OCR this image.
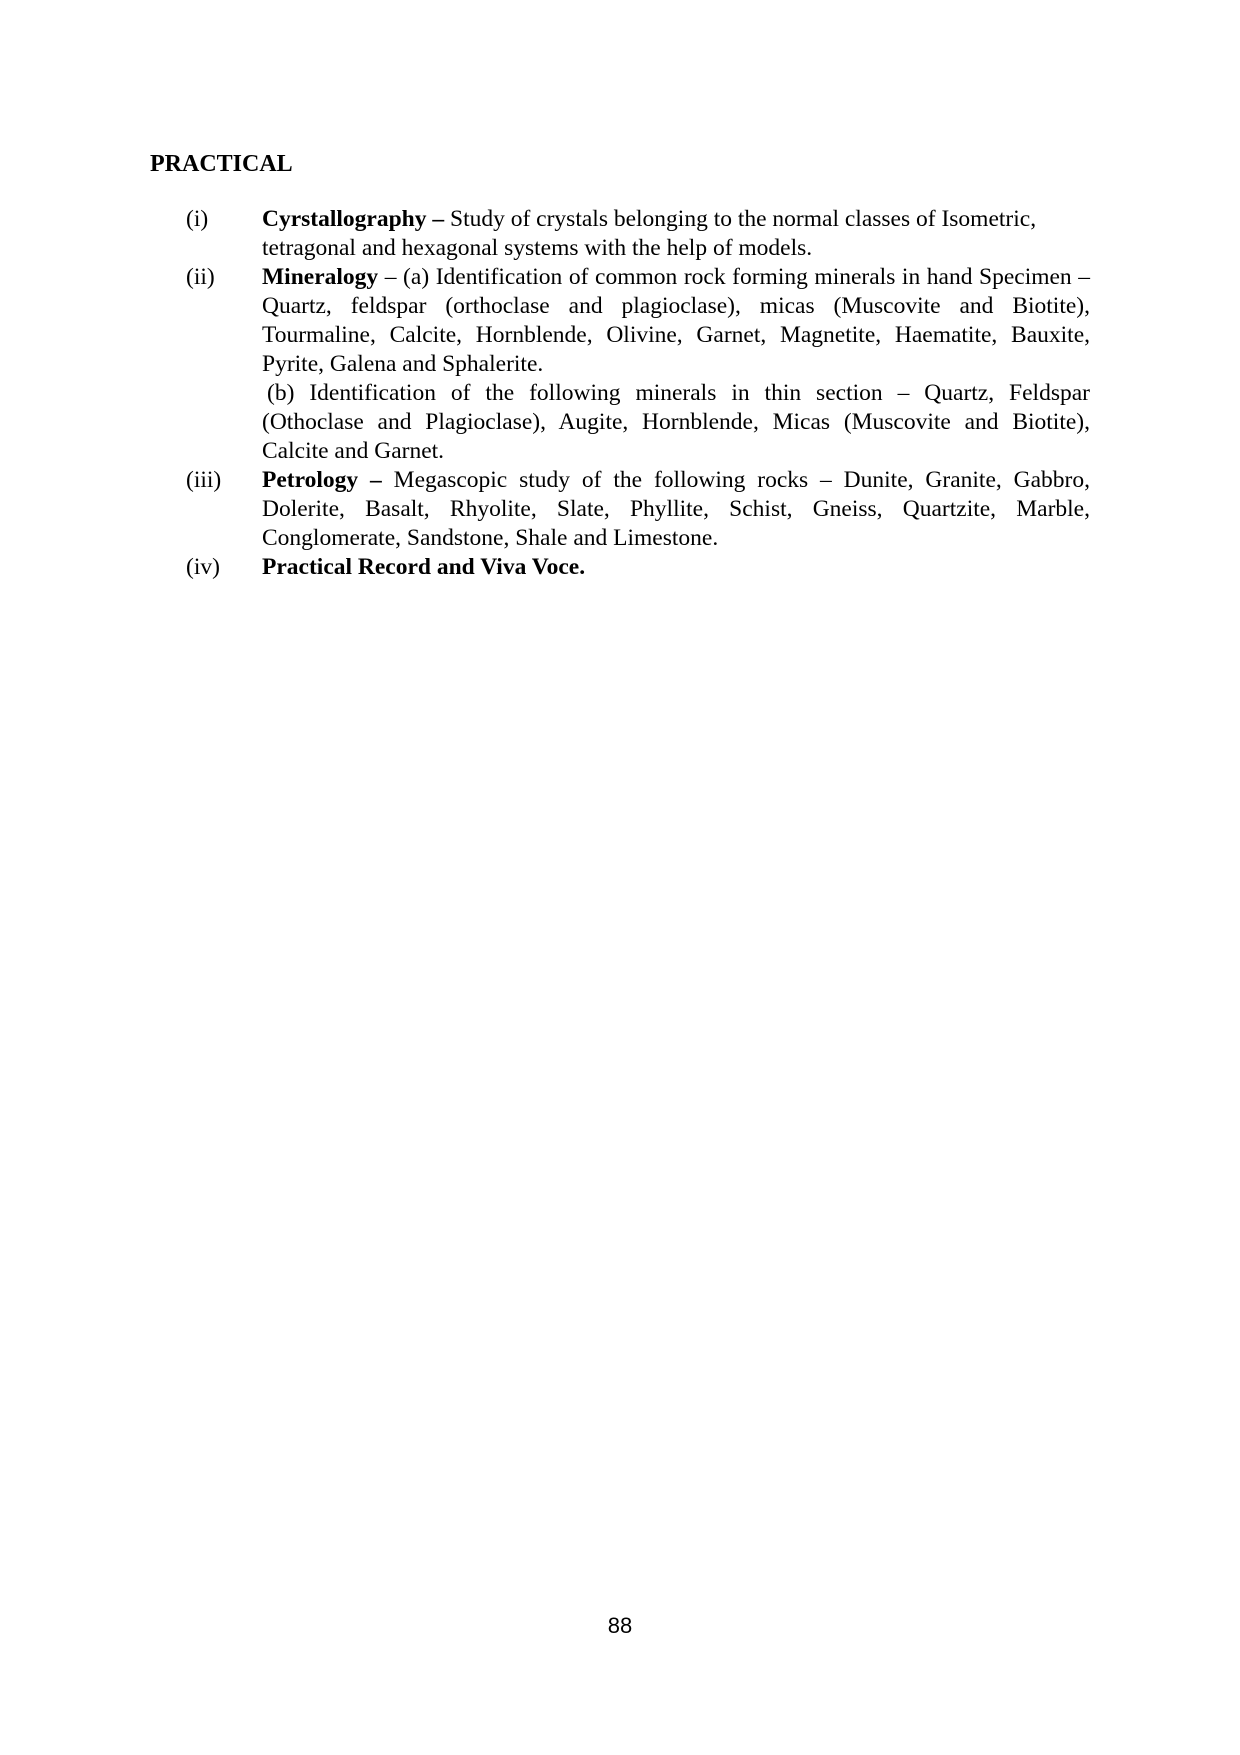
PRACTICAL
(i)	Cyrstallography – Study of crystals belonging to the normal classes of Isometric, tetragonal and hexagonal systems with the help of models.
(ii)	Mineralogy – (a) Identification of common rock forming minerals in hand Specimen – Quartz, feldspar (orthoclase and plagioclase), micas (Muscovite and Biotite), Tourmaline, Calcite, Hornblende, Olivine, Garnet, Magnetite, Haematite, Bauxite, Pyrite, Galena and Sphalerite.
(b) Identification of the following minerals in thin section – Quartz, Feldspar (Othoclase and Plagioclase), Augite, Hornblende, Micas (Muscovite and Biotite), Calcite and Garnet.
(iii)	Petrology – Megascopic study of the following rocks – Dunite, Granite, Gabbro, Dolerite, Basalt, Rhyolite, Slate, Phyllite, Schist, Gneiss, Quartzite, Marble, Conglomerate, Sandstone, Shale and Limestone.
(iv)	Practical Record and Viva Voce.
88
